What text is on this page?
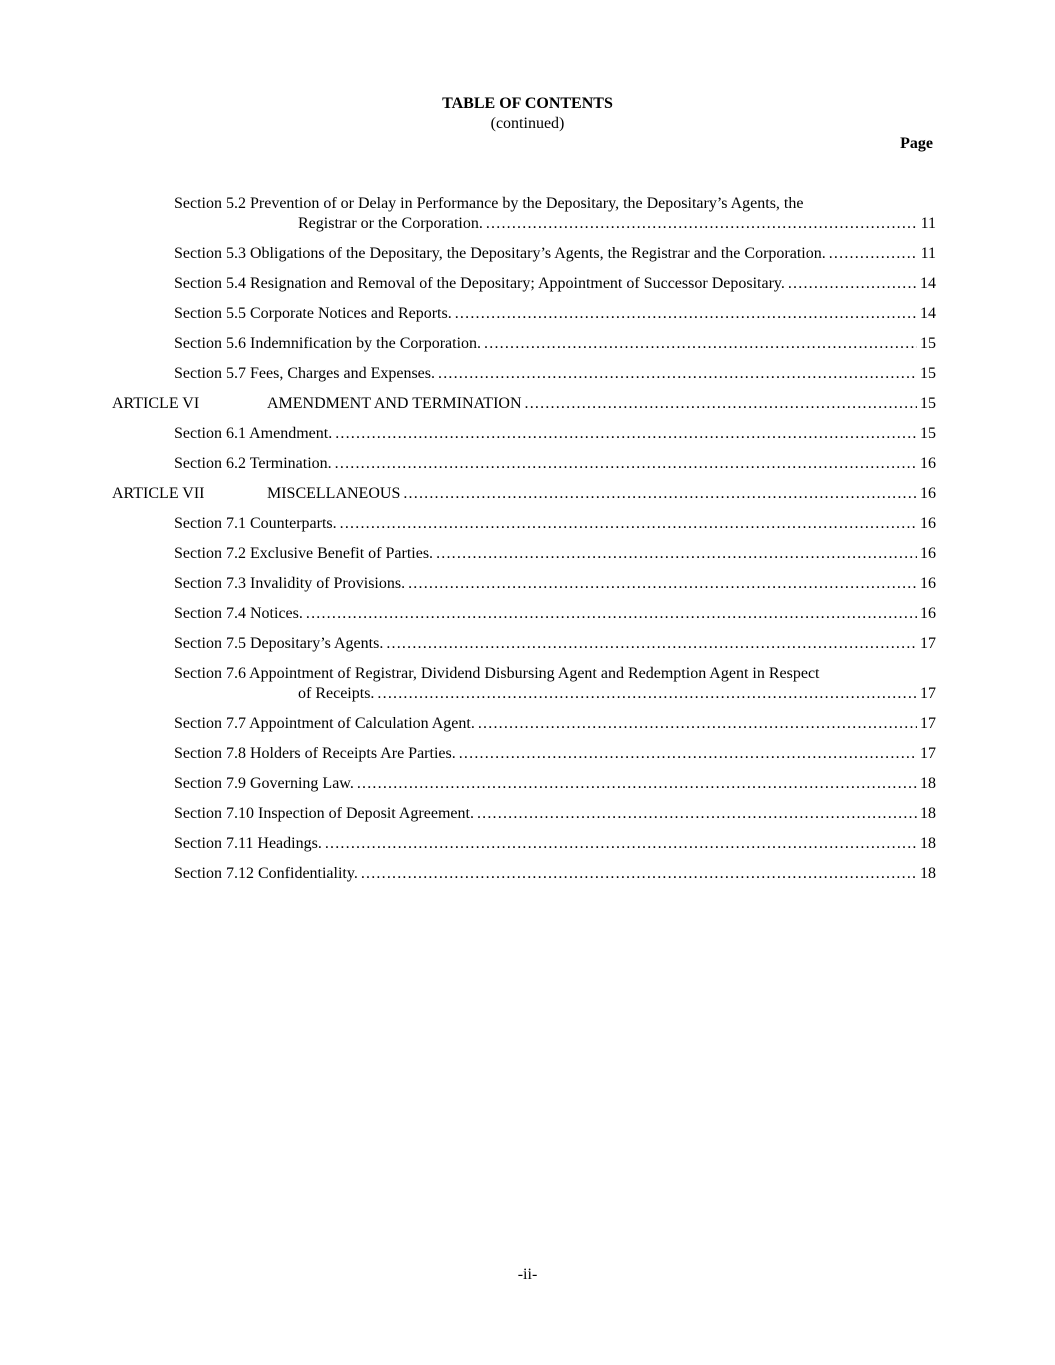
TABLE OF CONTENTS
(continued)
Page
Section 5.2 Prevention of or Delay in Performance by the Depositary, the Depositary’s Agents, the
Registrar or the Corporation. . . .	11
Section 5.3 Obligations of the Depositary, the Depositary’s Agents, the Registrar and the Corporation. . . .	11
Section 5.4 Resignation and Removal of the Depositary; Appointment of Successor Depositary. . . .	14
Section 5.5 Corporate Notices and Reports. . . .	14
Section 5.6 Indemnification by the Corporation. . . .	15
Section 5.7 Fees, Charges and Expenses. . . .	15
ARTICLE VI	AMENDMENT AND TERMINATION . . .	15
Section 6.1 Amendment. . . .	15
Section 6.2 Termination. . . .	16
ARTICLE VII	MISCELLANEOUS . . .	16
Section 7.1 Counterparts. . . .	16
Section 7.2 Exclusive Benefit of Parties. . . .	16
Section 7.3 Invalidity of Provisions. . . .	16
Section 7.4 Notices. . . .	16
Section 7.5 Depositary’s Agents. . . .	17
Section 7.6 Appointment of Registrar, Dividend Disbursing Agent and Redemption Agent in Respect
of Receipts. . . .	17
Section 7.7 Appointment of Calculation Agent. . . .	17
Section 7.8 Holders of Receipts Are Parties. . . .	17
Section 7.9 Governing Law. . . .	18
Section 7.10 Inspection of Deposit Agreement. . . .	18
Section 7.11 Headings. . . .	18
Section 7.12 Confidentiality. . . .	18
-ii-
